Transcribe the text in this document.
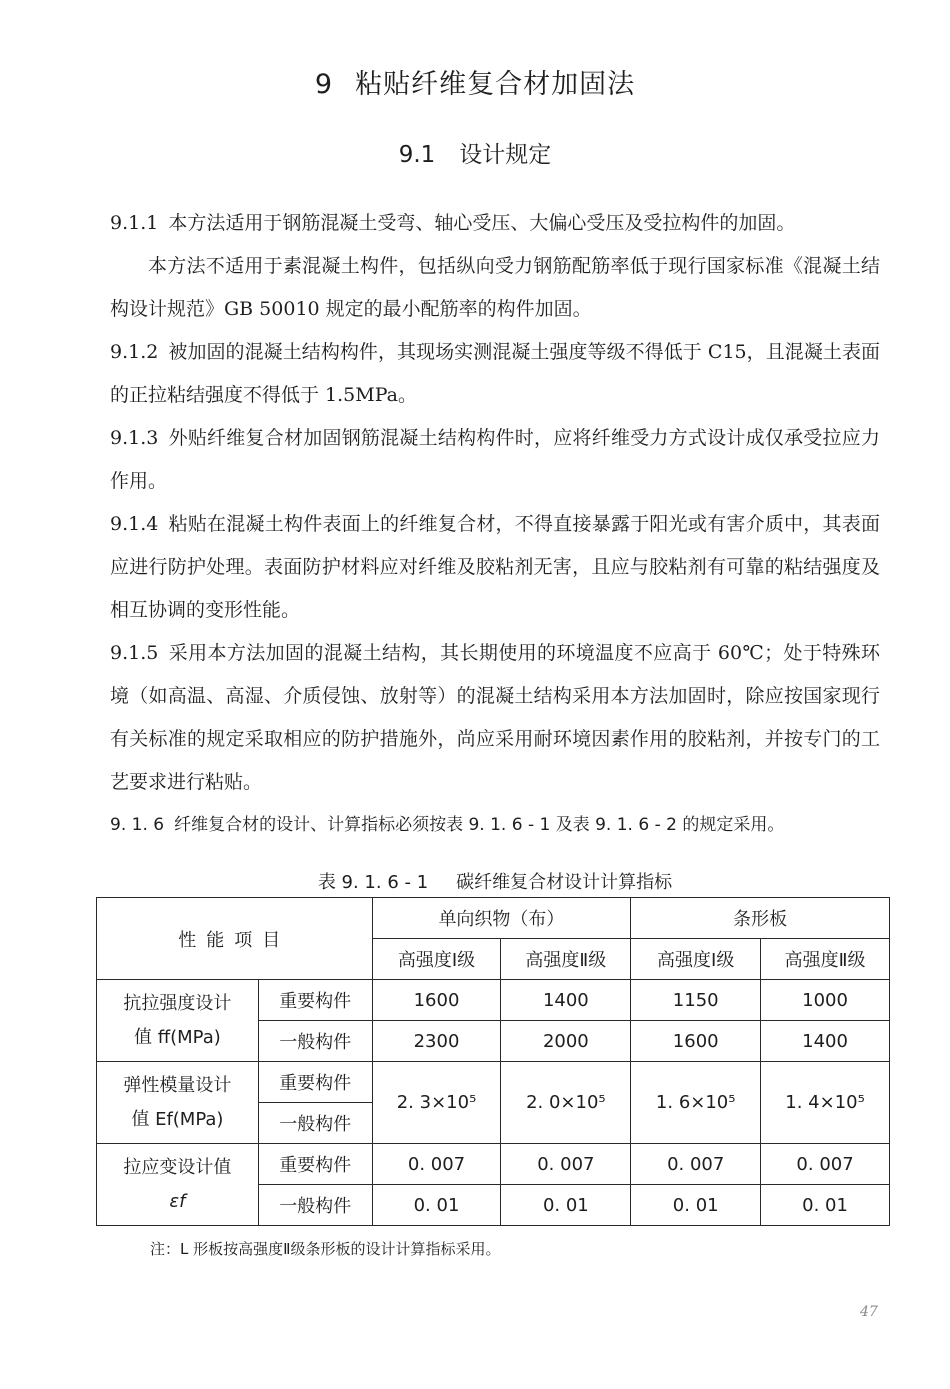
9 粘贴纤维复合材加固法
9.1 设计规定

9.1.1 本方法适用于钢筋混凝土受弯、轴心受压、大偏心受压及受拉构件的加固。

本方法不适用于素混凝土构件，包括纵向受力钢筋配筋率低于现行国家标准《混凝土结构设计规范》GB 50010 规定的最小配筋率的构件加固。

9.1.2 被加固的混凝土结构构件，其现场实测混凝土强度等级不得低于 C15，且混凝土表面的正拉粘结强度不得低于 1.5MPa。

9.1.3 外贴纤维复合材加固钢筋混凝土结构构件时，应将纤维受力方式设计成仅承受拉应力作用。

9.1.4 粘贴在混凝土构件表面上的纤维复合材，不得直接暴露于阳光或有害介质中，其表面应进行防护处理。表面防护材料应对纤维及胶粘剂无害，且应与胶粘剂有可靠的粘结强度及相互协调的变形性能。

9.1.5 采用本方法加固的混凝土结构，其长期使用的环境温度不应高于 60℃；处于特殊环境（如高温、高湿、介质侵蚀、放射等）的混凝土结构采用本方法加固时，除应按国家现行有关标准的规定采取相应的防护措施外，尚应采用耐环境因素作用的胶粘剂，并按专门的工艺要求进行粘贴。

9. 1. 6 纤维复合材的设计、计算指标必须按表 9. 1. 6 - 1 及表 9. 1. 6 - 2 的规定采用。

表 9. 1. 6 - 1 碳纤维复合材设计计算指标
性能项目		单向织物（布）		条形板	
		高强度Ⅰ级	高强度Ⅱ级	高强度Ⅰ级	高强度Ⅱ级

抗拉强度设计
值 ff(MPa)	重要构件	1600	1400	1150	1000
	一般构件	2300	2000	1600	1400

弹性模量设计
值 Ef(MPa)	重要构件	2. 3×10⁵	2. 0×10⁵	1. 6×10⁵	1. 4×10⁵
	一般构件				

拉应变设计值
εf	重要构件	0. 007	0. 007	0. 007	0. 007
	一般构件	0. 01	0. 01	0. 01	0. 01
注：L 形板按高强度Ⅱ级条形板的设计计算指标采用。
47
